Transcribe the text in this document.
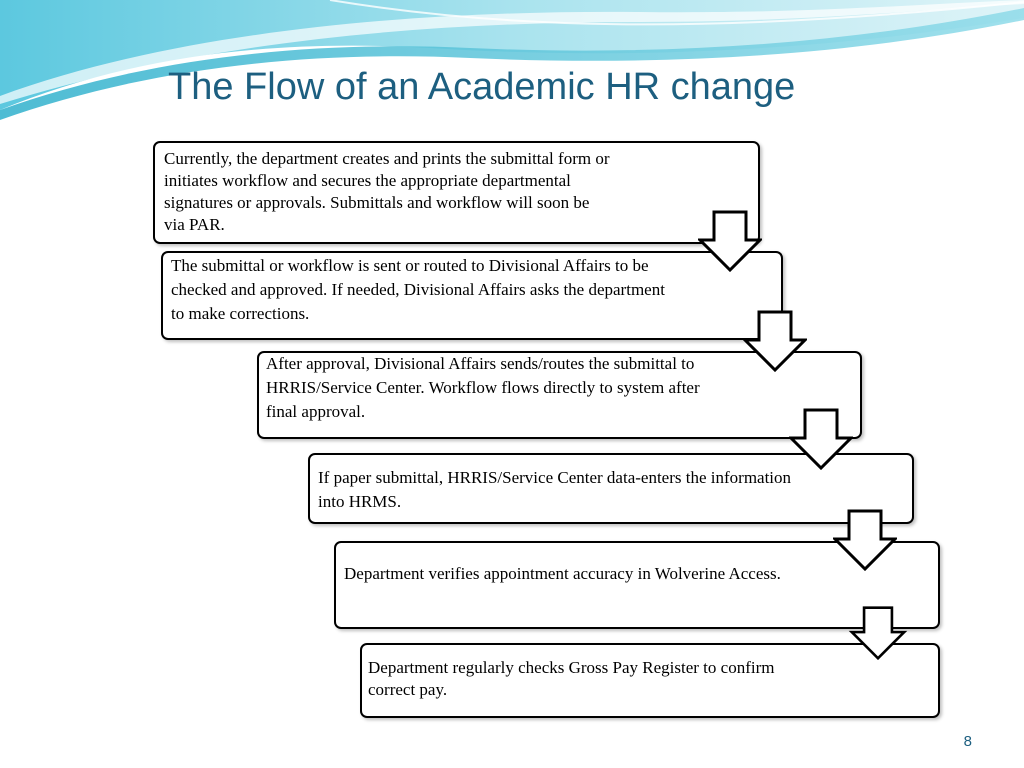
The Flow of an Academic HR change

Currently, the department creates and prints the submittal form or initiates workflow and secures the appropriate departmental signatures or approvals. Submittals and workflow will soon be via PAR.

The submittal or workflow is sent or routed to Divisional Affairs to be checked and approved. If needed, Divisional Affairs asks the department to make corrections.

After approval, Divisional Affairs sends/routes the submittal to HRRIS/Service Center. Workflow flows directly to system after final approval.

If paper submittal, HRRIS/Service Center data-enters the information into HRMS.

Department verifies appointment accuracy in Wolverine Access.

Department regularly checks Gross Pay Register to confirm correct pay.

8
